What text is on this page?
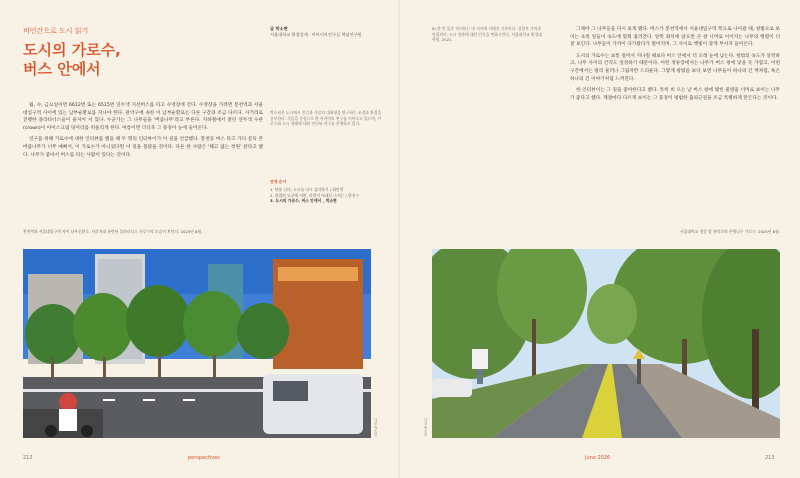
비인간으로 도시 읽기
도시의 가로수,
버스 안에서
글 박소현
서울대학교 환경설계 · 아카이브연구실 책임연구원

월, 수, 금요일이면 6612번 또는 6515번 연두색 지선버스를 타고 수영장에 간다. 수영장을 가려면 봉천역과 서울대입구역 사이에 있는 남부순환로를 지나야 한다. 관악구에 속한 이 남부순환로는 다른 구간과 조금 다르다. 사거리로 진행한 플라타너스들이 줄지어 서 있다. 누군가는 그 나무들을 '버즘나무'라고 부른다. 지하철에서 잘린 연두색 수관(crown)이 아이스크림 덩어리를 떠올리게 한다. 여름이면 더더욱 그 풍경이 눈에 들어온다.

연구를 위해 가로수에 대한 인터뷰를 했을 때 두 명의 인터뷰이가 이 길을 언급했다. 봉천동 버스 타고 가다 문득 본 버즘나무가 너무 예뻐서, 이 가로수가 아니었다면 이 길을 몰랐을 것이다. 다른 한 사람은 '해고 없는 정원' 같다고 했다. 나무가 좋아서 버스를 타는 사람이 있다는 것이다.

박소현은 도시에서 인간과 식물의 대화형을 탐구하는 조경과 환경을 공부한다. 식물을 중심으로 한 아카이브 연구를 이어오고 있으며, 가로수와 도시 생태에 대한 인터뷰 연구를 진행하고 있다.
연재 순서
1. 단풍 너머, 도시를 다시 감각하기 / 최인혁
2. 봄철의 도로에 서면, 바람이 아래로 스치는 / 한진수
3. 도시의 가로수, 버스 안에서 _ 박소현
봉천역과 서울대입구역 사이 남부순환로. 사각지대 관련된 플라타너스 가로수의 모습이 보인다. 2025년 8월.
사진 박소현
212	perspectives
8) 한 번 읽은 인터뷰는 내 서사에 더해진 기록이다. 경험적 기억과 연결되어, 도시 경관에 대한 인식을 변화시킨다. 서울대학교 환경대학원, 2022.

그제야 그 나무들을 다시 보게 됐다. 버스가 봉천역에서 서울대입구역 쪽으로 나아갈 때, 창밖으로 보이는 초록 잎들이 속도에 맞춰 흘러간다. 앞쪽 좌석에 앉으면 큰 창 너머로 이어지는 나무의 행렬이 더 잘 보인다. 나무들이 가까이 다가왔다가 멀어지며, 그 사이로 햇빛이 잘게 부서져 들어온다.

도시의 가로수는 보통 걸어서 지나칠 때보다 버스 안에서 더 오래 눈에 남는다. 창밖의 속도가 일정하고, 나무 사이의 간격도 일정하기 때문이다. 어떤 정류장에서는 나무가 버스 창에 닿을 듯 가깝고, 어떤 구간에서는 멀리 물러나 그림자만 드리운다. 그렇게 창밖을 보다 보면 나무들이 하나의 긴 벽처럼, 혹은 하나의 긴 이야기처럼 느껴진다.

한 인터뷰이는 그 길을 좋아한다고 했다. 특히 비 오는 날 버스 창에 맺힌 물방울 너머로 보이는 나무가 좋다고 했다. 계절마다 다르게 보이는 그 풍경이 평범한 출퇴근길을 조금 특별하게 만든다는 것이다.

서울대학교 정문 앞 관악로의 은행나무 가로수. 2025년 8월.
사진 박소현
June 2026	213
